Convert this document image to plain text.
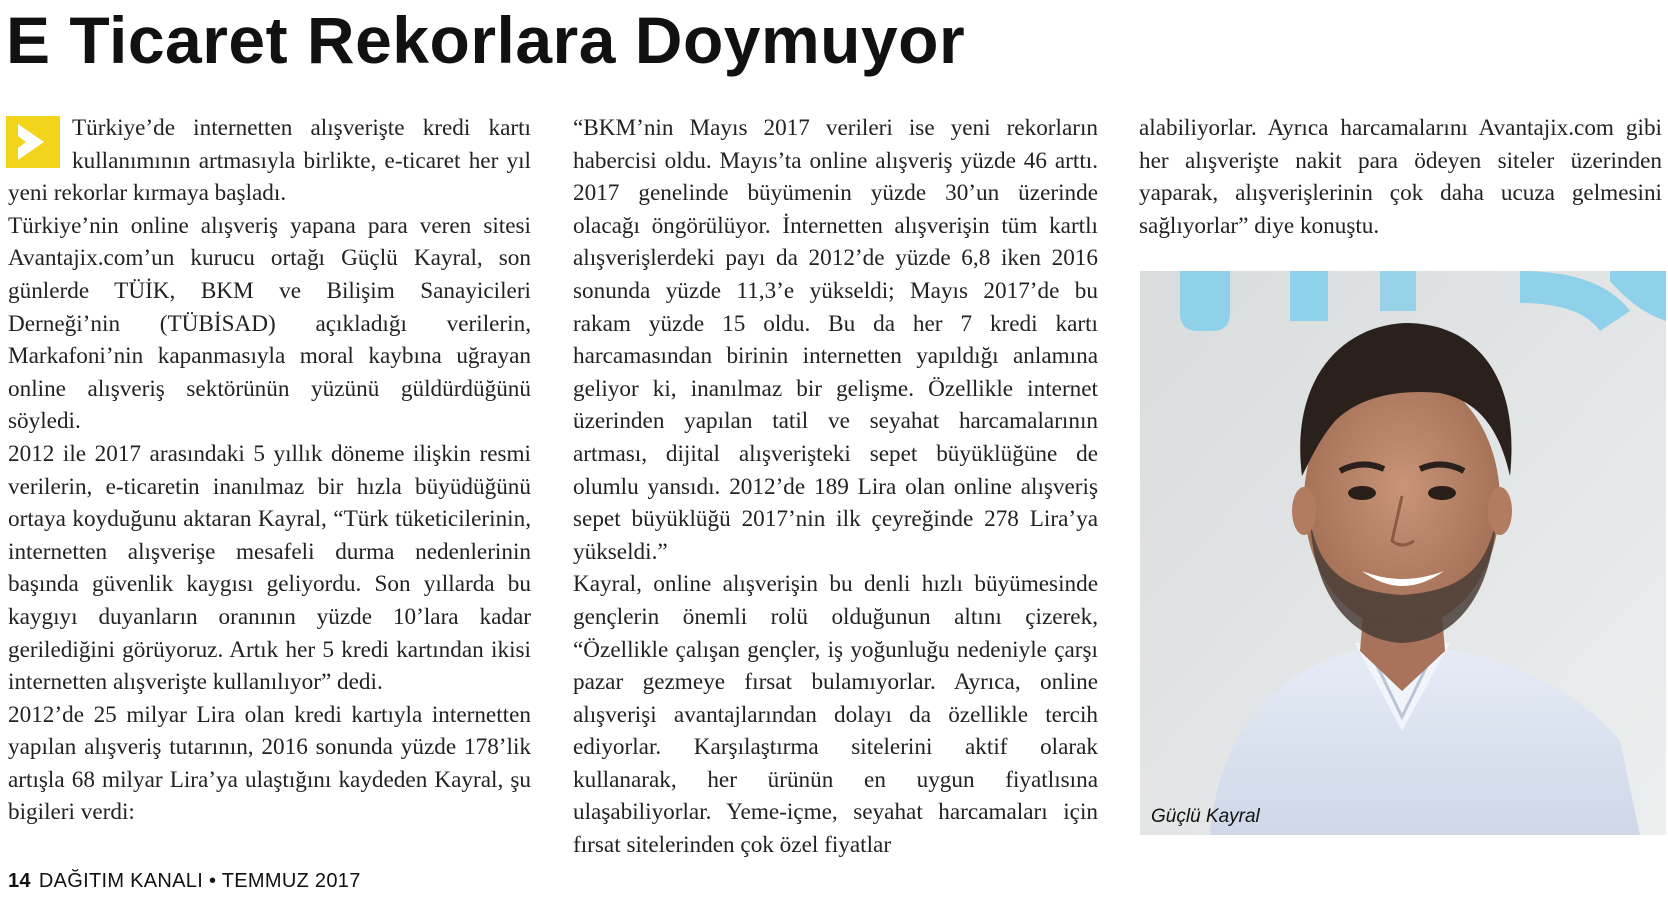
E Ticaret Rekorlara Doymuyor

Türkiye’de internetten alışverişte kredi kartı kullanımının artmasıyla birlikte, e-ticaret her yıl yeni rekorlar kırmaya başladı.

Türkiye’nin online alışveriş yapana para veren sitesi Avantajix.com’un kurucu ortağı Güçlü Kayral, son günlerde TÜİK, BKM ve Bilişim Sanayicileri Derneği’nin (TÜBİSAD) açıkladığı verilerin, Markafoni’nin kapanmasıyla moral kaybına uğrayan online alışveriş sektörünün yüzünü güldürdüğünü söyledi.

2012 ile 2017 arasındaki 5 yıllık döneme ilişkin resmi verilerin, e-ticaretin inanılmaz bir hızla büyüdüğünü ortaya koyduğunu aktaran Kayral, “Türk tüketicilerinin, internetten alışverişe mesafeli durma nedenlerinin başında güvenlik kaygısı geliyordu. Son yıllarda bu kaygıyı duyanların oranının yüzde 10’lara kadar gerilediğini görüyoruz. Artık her 5 kredi kartından ikisi internetten alışverişte kullanılıyor” dedi.

2012’de 25 milyar Lira olan kredi kartıyla internetten yapılan alışveriş tutarının, 2016 sonunda yüzde 178’lik artışla 68 milyar Lira’ya ulaştığını kaydeden Kayral, şu bigileri verdi:

“BKM’nin Mayıs 2017 verileri ise yeni rekorların habercisi oldu. Mayıs’ta online alışveriş yüzde 46 arttı. 2017 genelinde büyümenin yüzde 30’un üzerinde olacağı öngörülüyor. İnternetten alışverişin tüm kartlı alışverişlerdeki payı da 2012’de yüzde 6,8 iken 2016 sonunda yüzde 11,3’e yükseldi; Mayıs 2017’de bu rakam yüzde 15 oldu. Bu da her 7 kredi kartı harcamasından birinin internetten yapıldığı anlamına geliyor ki, inanılmaz bir gelişme. Özellikle internet üzerinden yapılan tatil ve seyahat harcamalarının artması, dijital alışverişteki sepet büyüklüğüne de olumlu yansıdı. 2012’de 189 Lira olan online alışveriş sepet büyüklüğü 2017’nin ilk çeyreğinde 278 Lira’ya yükseldi.”

Kayral, online alışverişin bu denli hızlı büyümesinde gençlerin önemli rolü olduğunun altını çizerek, “Özellikle çalışan gençler, iş yoğunluğu nedeniyle çarşı pazar gezmeye fırsat bulamıyorlar. Ayrıca, online alışverişi avantajlarından dolayı da özellikle tercih ediyorlar. Karşılaştırma sitelerini aktif olarak kullanarak, her ürünün en uygun fiyatlısına ulaşabiliyorlar. Yeme-içme, seyahat harcamaları için fırsat sitelerinden çok özel fiyatlar

alabiliyorlar. Ayrıca harcamalarını Avantajix.com gibi her alışverişte nakit para ödeyen siteler üzerinden yaparak, alışverişlerinin çok daha ucuza gelmesini sağlıyorlar” diye konuştu.

Güçlü Kayral
14 DAĞITIM KANALI • TEMMUZ 2017
